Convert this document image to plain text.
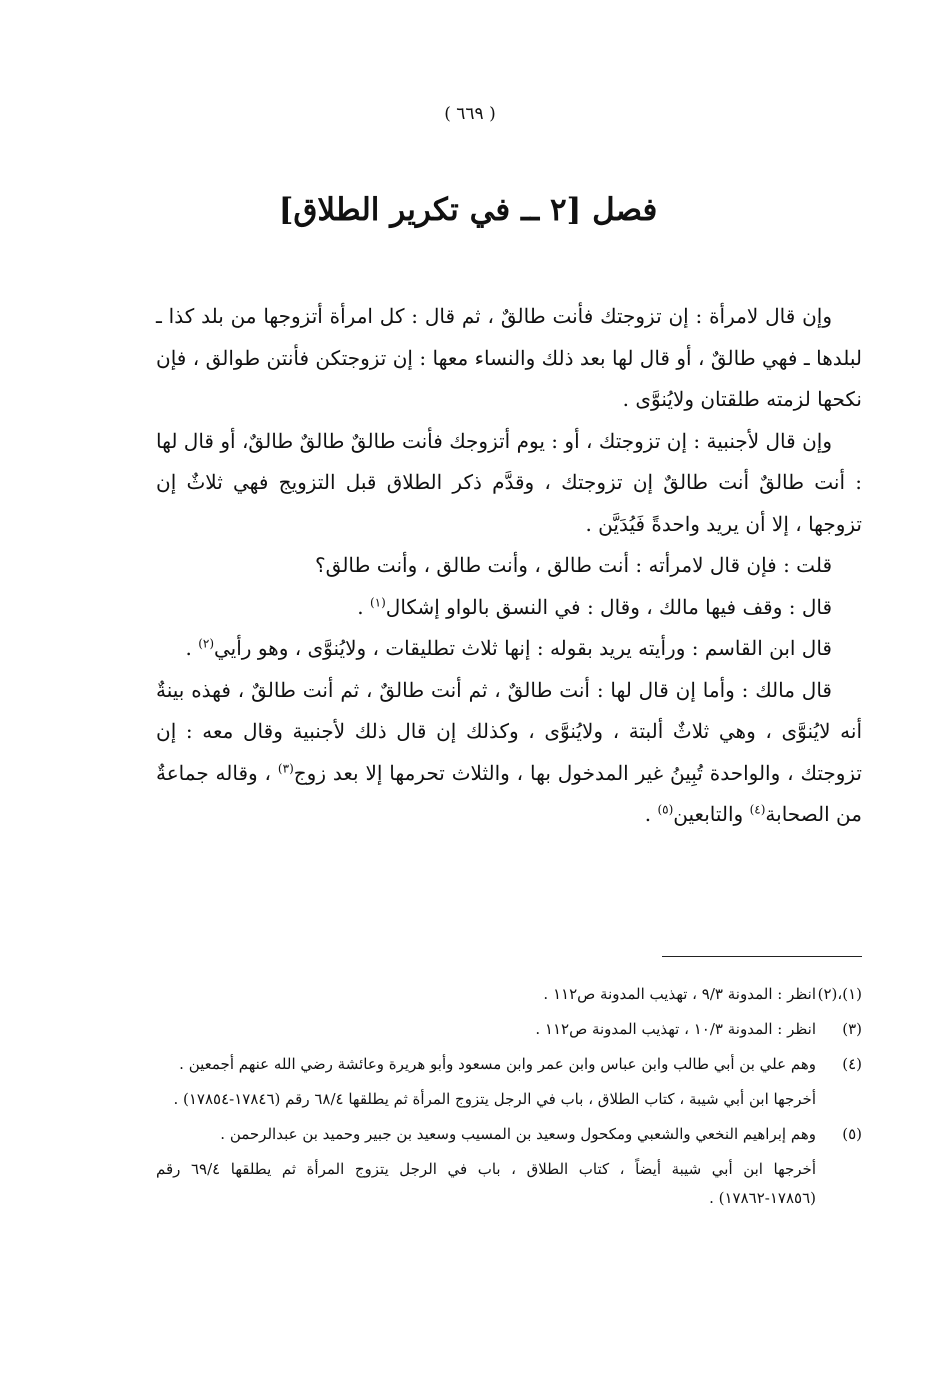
( ٦٦٩ )
فصل [٢ ــ في تكرير الطلاق]

وإن قال لامرأة : إن تزوجتك فأنت طالقٌ ، ثم قال : كل امرأة أتزوجها من بلد كذا ـ لبلدها ـ فهي طالقٌ ، أو قال لها بعد ذلك والنساء معها : إن تزوجتكن فأنتن طوالق ، فإن نكحها لزمته طلقتان ولايُنوَّى .

وإن قال لأجنبية : إن تزوجتك ، أو : يوم أتزوجك فأنت طالقٌ طالقٌ طالقٌ، أو قال لها : أنت طالقٌ أنت طالقٌ إن تزوجتك ، وقدَّم ذكر الطلاق قبل التزويج فهي ثلاثٌ إن تزوجها ، إلا أن يريد واحدةً فَيُدَيَّن .

قلت : فإن قال لامرأته : أنت طالق ، وأنت طالق ، وأنت طالق؟

قال : وقف فيها مالك ، وقال : في النسق بالواو إشكال$^{(١)}$ .

قال ابن القاسم : ورأيته يريد بقوله : إنها ثلاث تطليقات ، ولايُنوَّى ، وهو رأيي$^{(٢)}$ .

قال مالك : وأما إن قال لها : أنت طالقٌ ، ثم أنت طالقٌ ، ثم أنت طالقٌ ، فهذه بينةٌ أنه لايُنوَّى ، وهي ثلاثٌ ألبتة ، ولايُنوَّى ، وكذلك إن قال ذلك لأجنبية وقال معه : إن تزوجتك ، والواحدة تُبِينُ غير المدخول بها ، والثلاث تحرمها إلا بعد زوج$^{(٣)}$ ، وقاله جماعةٌ من الصحابة$^{(٤)}$ والتابعين$^{(٥)}$ .

(١)،(٢)
انظر : المدونة ٩/٣ ، تهذيب المدونة ص١١٢ .
(٣)
انظر : المدونة ١٠/٣ ، تهذيب المدونة ص١١٢ .
(٤)
وهم علي بن أبي طالب وابن عباس وابن عمر وابن مسعود وأبو هريرة وعائشة رضي الله عنهم أجمعين .
أخرجها ابن أبي شيبة ، كتاب الطلاق ، باب في الرجل يتزوج المرأة ثم يطلقها ٦٨/٤ رقم (١٧٨٤٦-١٧٨٥٤) .
(٥)
وهم إبراهيم النخعي والشعبي ومكحول وسعيد بن المسيب وسعيد بن جبير وحميد بن عبدالرحمن .
أخرجها ابن أبي شيبة أيضاً ، كتاب الطلاق ، باب في الرجل يتزوج المرأة ثم يطلقها ٦٩/٤ رقم (١٧٨٥٦-١٧٨٦٢) .
